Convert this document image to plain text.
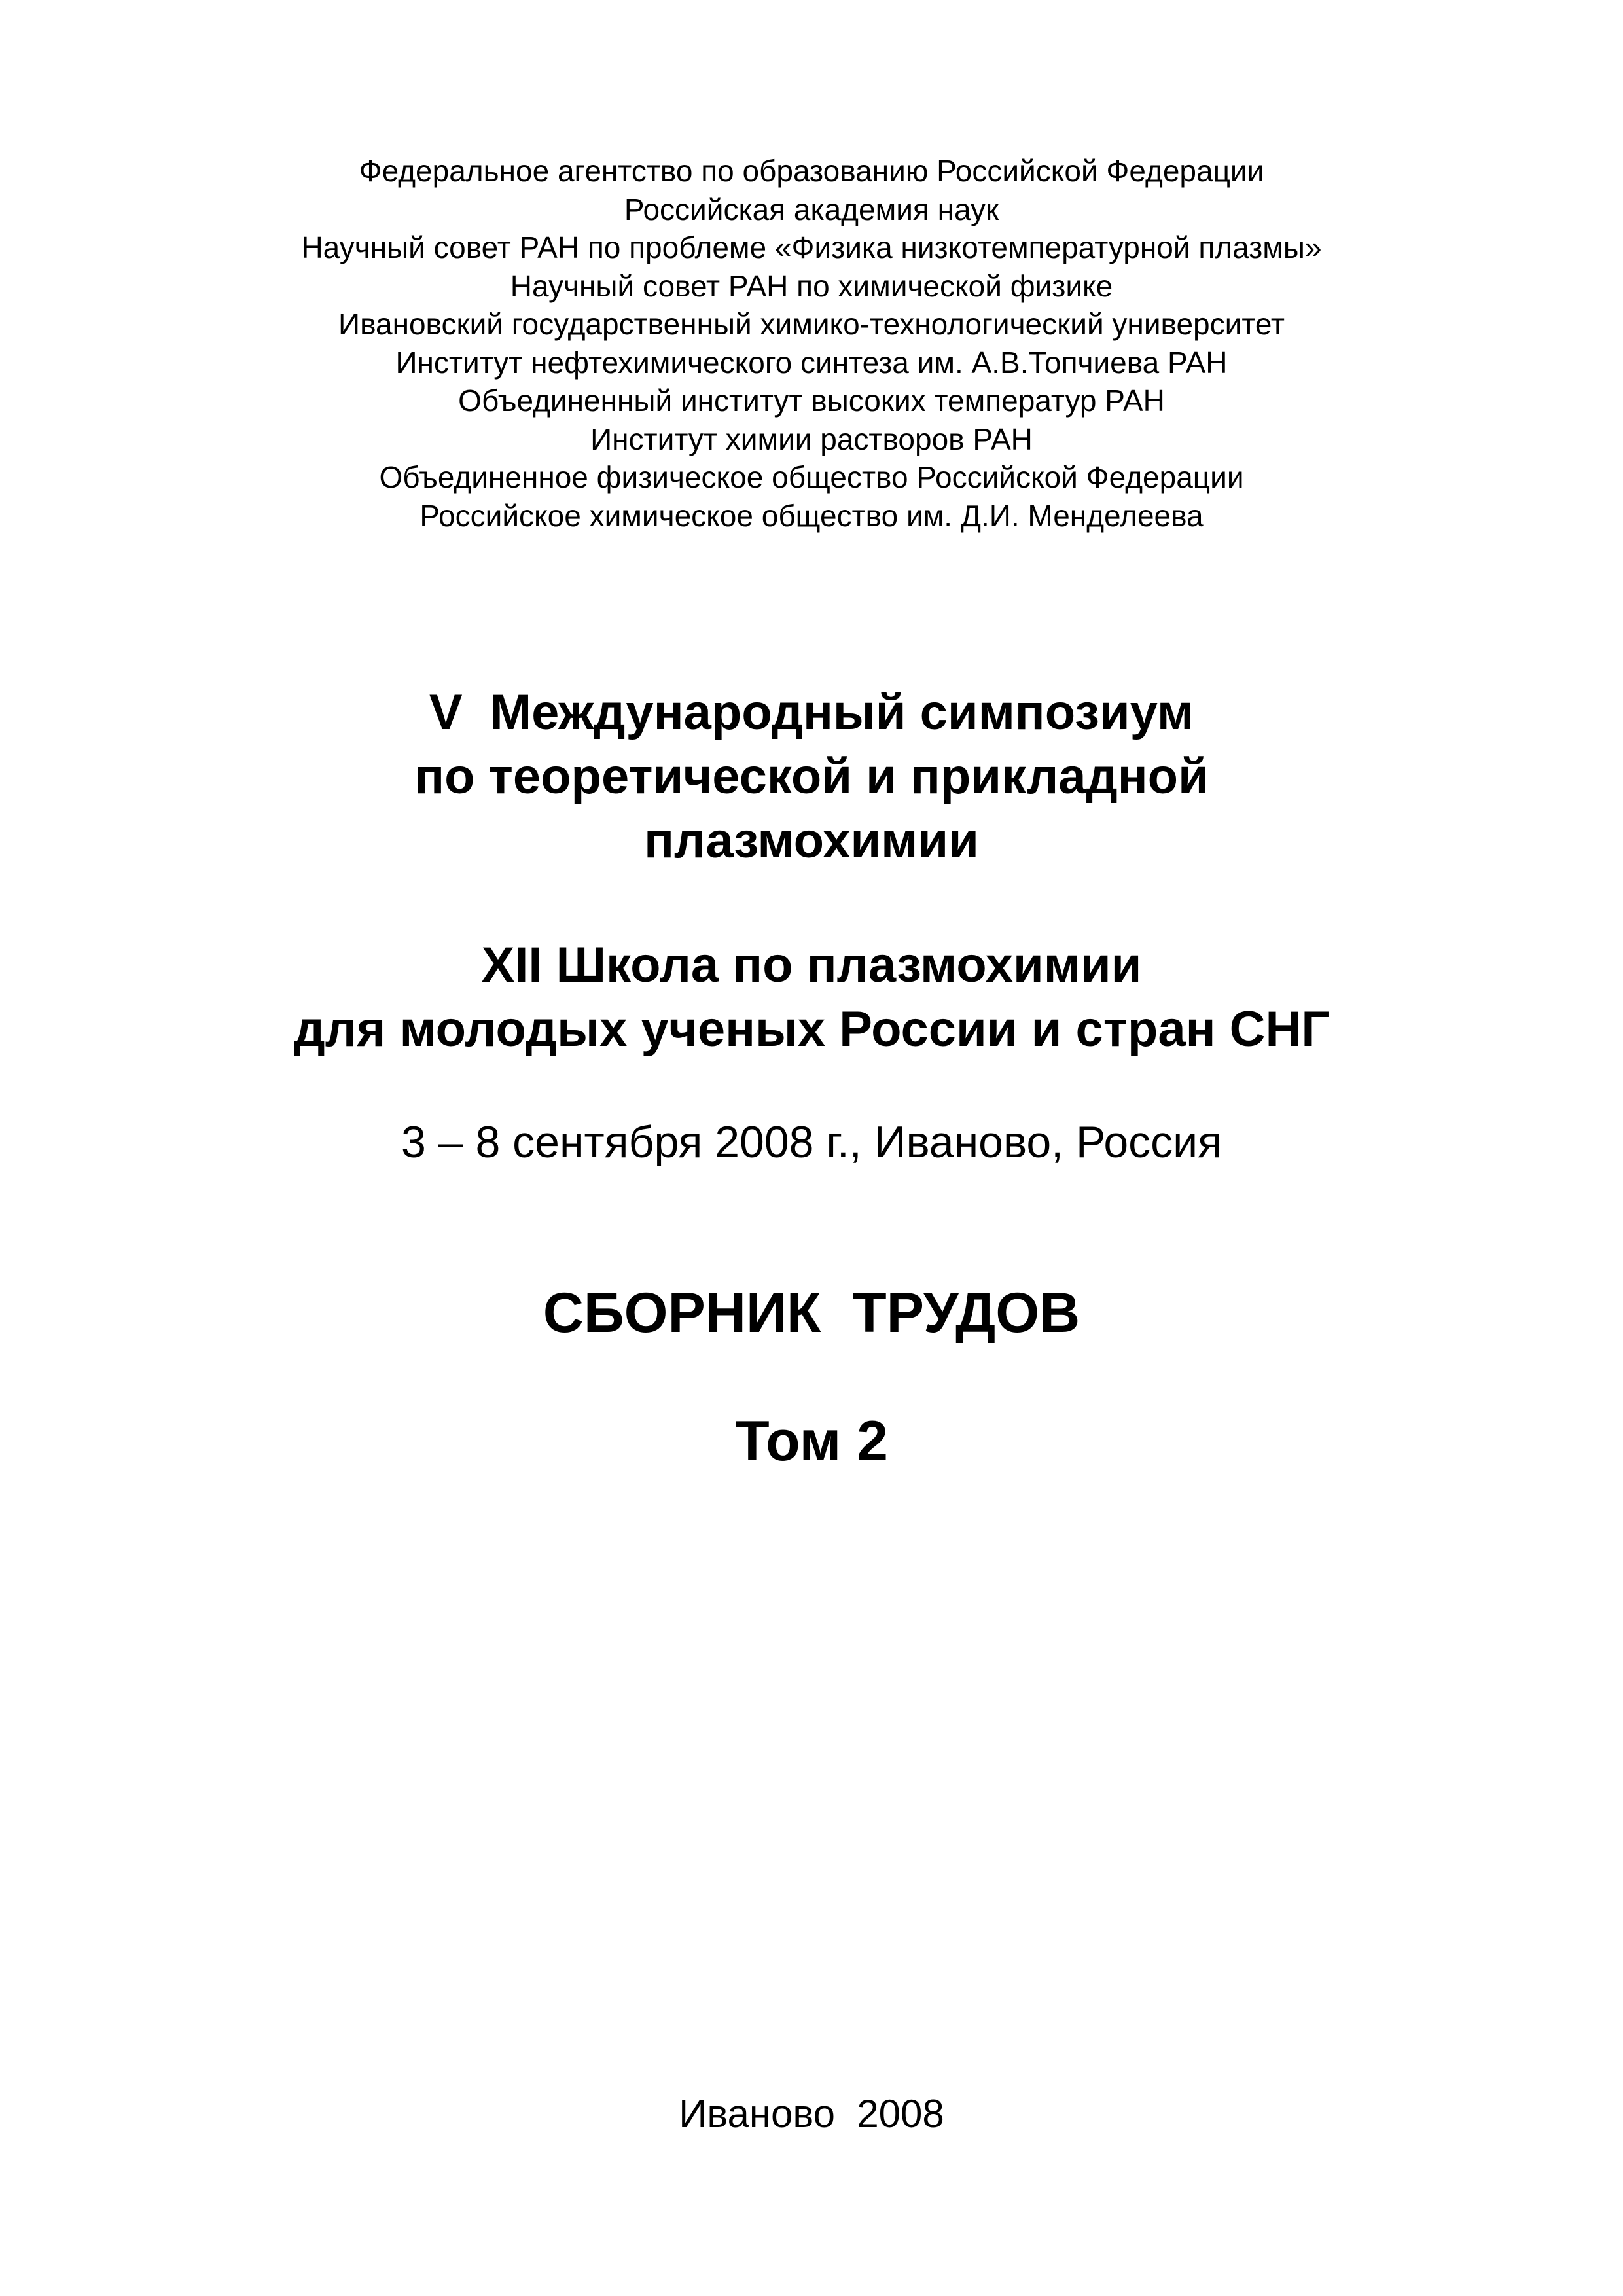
Федеральное агентство по образованию Российской Федерации
Российская академия наук
Научный совет РАН по проблеме «Физика низкотемпературной плазмы»
Научный совет РАН по химической физике
Ивановский государственный химико-технологический университет
Институт нефтехимического синтеза им. А.В.Топчиева РАН
Объединенный институт высоких температур РАН
Институт химии растворов РАН
Объединенное физическое общество Российской Федерации
Российское химическое общество им. Д.И. Менделеева
V  Международный симпозиум
по теоретической и прикладной
плазмохимии
XII Школа по плазмохимии
для молодых ученых России и стран СНГ
3 – 8 сентября 2008 г., Иваново, Россия
СБОРНИК  ТРУДОВ
Том 2
Иваново  2008
